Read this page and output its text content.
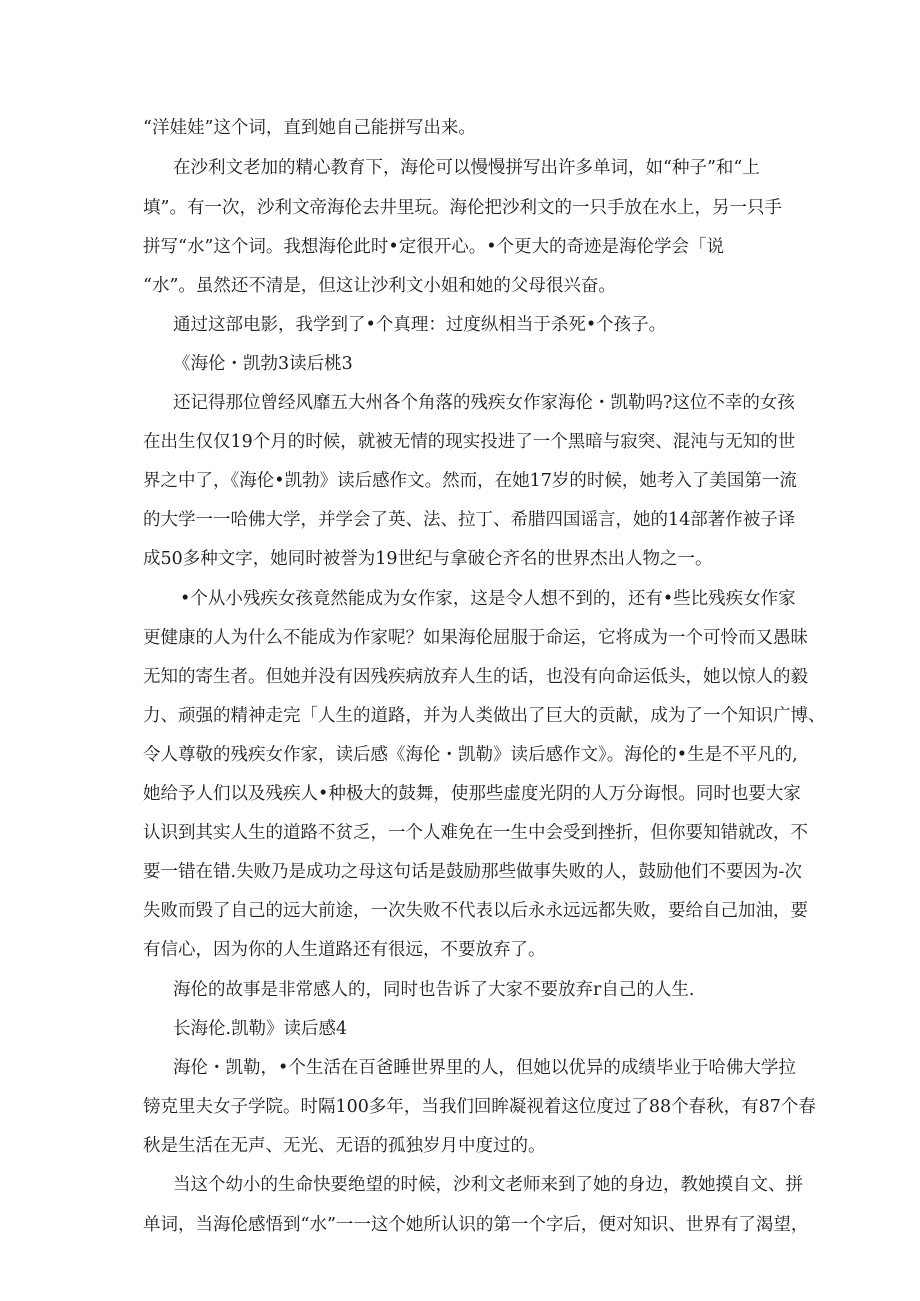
“洋娃娃”这个词，直到她自己能拼写出来。
在沙利文老加的精心教育下，海伦可以慢慢拼写出许多单词，如“种子”和“上
填”。有一次，沙利文帝海伦去井里玩。海伦把沙利文的一只手放在水上，另一只手
拼写“水”这个词。我想海伦此时•定很开心。•个更大的奇迹是海伦学会「说
“水”。虽然还不清是，但这让沙利文小姐和她的父母很兴奋。
通过这部电影，我学到了•个真理：过度纵相当于杀死•个孩子。
《海伦・凯勃3读后桃3
还记得那位曾经风靡五大州各个角落的残疾女作家海伦・凯勒吗?这位不幸的女孩
在出生仅仅19个月的时候，就被无情的现实投进了一个黑暗与寂突、混沌与无知的世
界之中了，《海伦•凯勃》读后感作文。然而，在她17岁的时候，她考入了美国第一流
的大学一一哈佛大学，并学会了英、法、拉丁、希腊四国谣言，她的14部著作被子译
成50多种文字，她同时被誉为19世纪与拿破仑齐名的世界杰出人物之一。
•个从小残疾女孩竟然能成为女作家，这是令人想不到的，还有•些比残疾女作家
更健康的人为什么不能成为作家呢？如果海伦屈服于命运，它将成为一个可怜而又愚昧
无知的寄生者。但她并没有因残疾病放弃人生的话，也没有向命运低头，她以惊人的毅
力、顽强的精神走完「人生的道路，并为人类做出了巨大的贡献，成为了一个知识广博、
令人尊敬的残疾女作家，读后感《海伦・凯勒》读后感作文》。海伦的•生是不平凡的,
她给予人们以及残疾人•种极大的鼓舞，使那些虚度光阴的人万分诲恨。同时也要大家
认识到其实人生的道路不贫乏，一个人难免在一生中会受到挫折，但你要知错就改，不
要一错在错.失败乃是成功之母这句话是鼓励那些做事失败的人，鼓励他们不要因为-次
失败而毁了自己的远大前途，一次失败不代表以后永永远远都失败，要给自己加油，要
有信心，因为你的人生道路还有很远，不要放弃了。
海伦的故事是非常感人的，同时也告诉了大家不要放弃r自己的人生.
长海伦.凯勒》读后感4
海伦・凯勒，•个生活在百爸睡世界里的人，但她以优异的成绩毕业于哈佛大学拉
镑克里夫女子学院。时隔100多年，当我们回眸凝视着这位度过了88个春秋，有87个春
秋是生活在无声、无光、无语的孤独岁月中度过的。
当这个幼小的生命快要绝望的时候，沙利文老师来到了她的身边，教她摸自文、拼
单词，当海伦感悟到“水”一一这个她所认识的第一个字后，便对知识、世界有了渴望，
